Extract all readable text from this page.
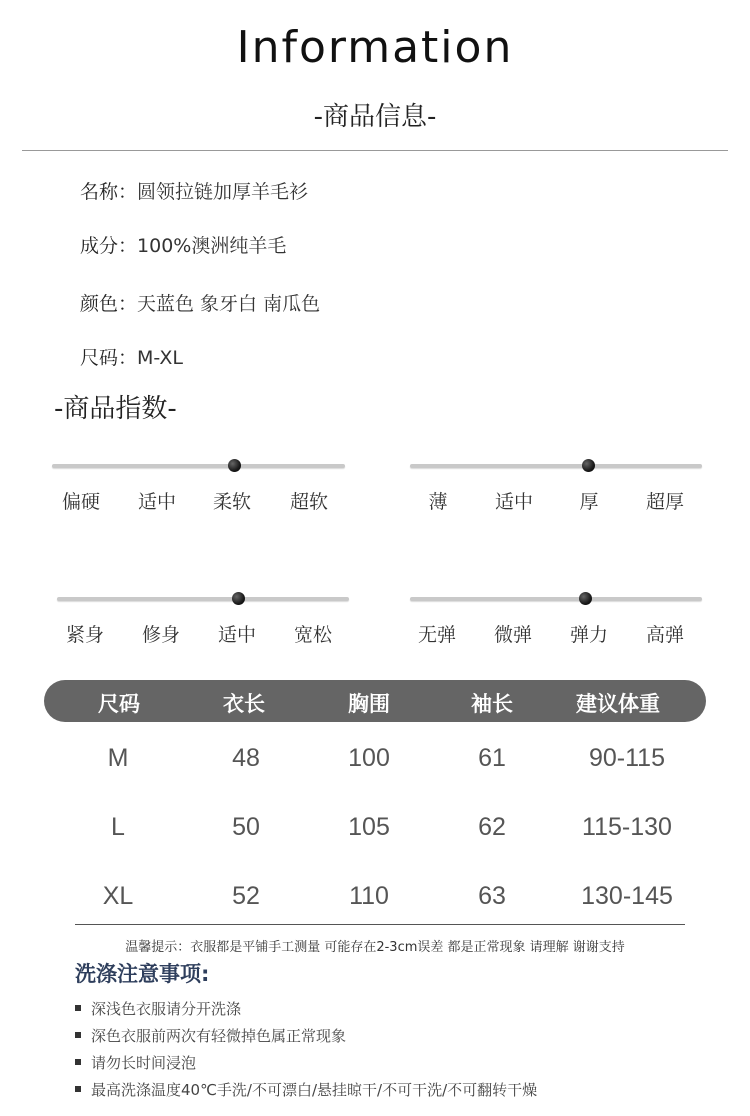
Information
-商品信息-
名称：圆领拉链加厚羊毛衫
成分：100%澳洲纯羊毛
颜色：天蓝色 象牙白 南瓜色
尺码：M-XL
-商品指数-
偏硬 适中 柔软 超软	薄 适中 厚 超厚
紧身 修身 适中 宽松	无弹 微弹 弹力 高弹
尺码	衣长	胸围	袖长	建议体重
M	48	100	61	90-115
L	50	105	62	115-130
XL	52	110	63	130-145
温馨提示：衣服都是平铺手工测量 可能存在2-3cm误差 都是正常现象 请理解 谢谢支持
洗涤注意事项:
深浅色衣服请分开洗涤
深色衣服前两次有轻微掉色属正常现象
请勿长时间浸泡
最高洗涤温度40℃手洗/不可漂白/悬挂晾干/不可干洗/不可翻转干燥
